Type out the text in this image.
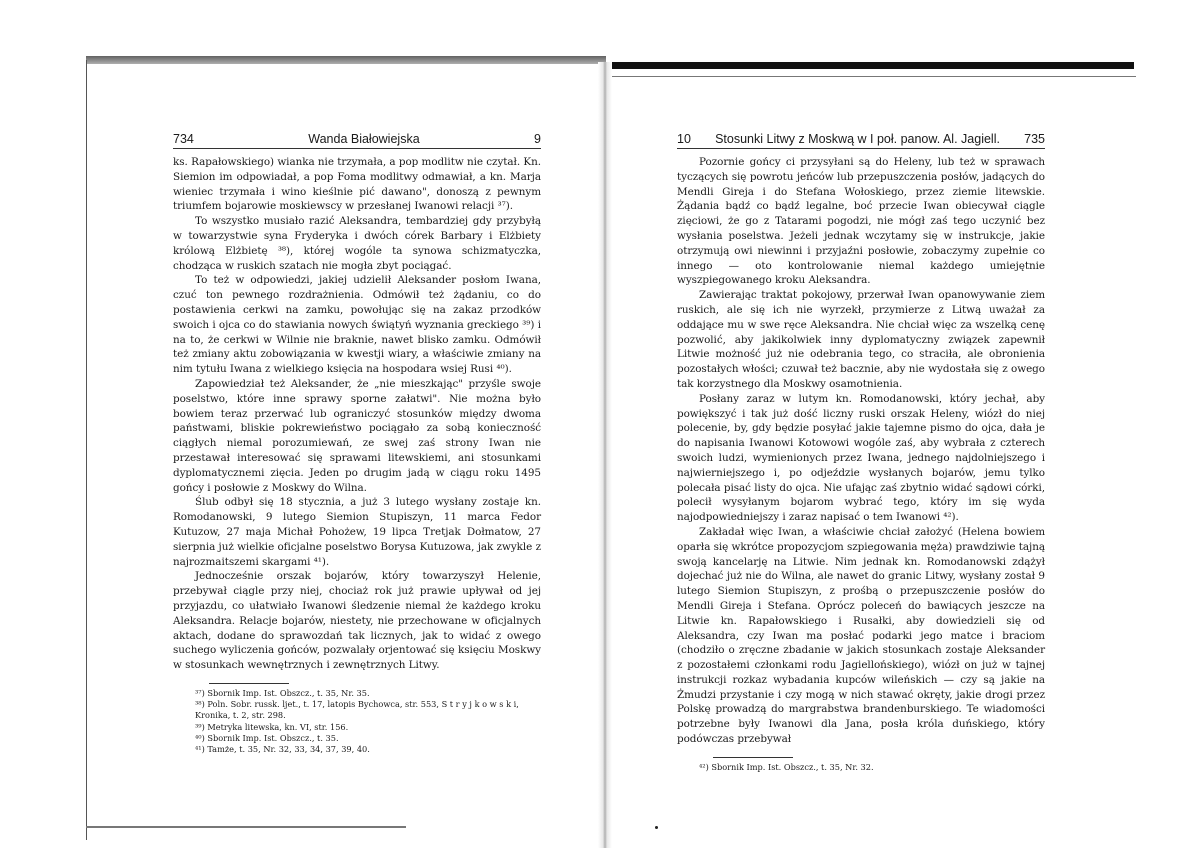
734	Wanda Białowiejska	9

ks. Rapałowskiego) wianka nie trzymała, a pop modlitw nie czytał. Kn. Siemion im odpowiadał, a pop Foma modlitwy odmawiał, a kn. Marja wieniec trzymała i wino kieślnie pić dawano", donoszą z pewnym triumfem bojarowie moskiewscy w przesłanej Iwanowi relacji ³⁷).

To wszystko musiało razić Aleksandra, tembardziej gdy przybyłą w towarzystwie syna Fryderyka i dwóch córek Barbary i Elżbiety królową Elżbietę ³⁸), której wogóle ta synowa schizmatyczka, chodząca w ruskich szatach nie mogła zbyt pociągać.

To też w odpowiedzi, jakiej udzielił Aleksander posłom Iwana, czuć ton pewnego rozdrażnienia. Odmówił też żądaniu, co do postawienia cerkwi na zamku, powołując się na zakaz przodków swoich i ojca co do stawiania nowych świątyń wyznania greckiego ³⁹) i na to, że cerkwi w Wilnie nie braknie, nawet blisko zamku. Odmówił też zmiany aktu zobowiązania w kwestji wiary, a właściwie zmiany na nim tytułu Iwana z wielkiego księcia na hospodara wsiej Rusi ⁴⁰).

Zapowiedział też Aleksander, że „nie mieszkając" przyśle swoje poselstwo, które inne sprawy sporne załatwi". Nie można było bowiem teraz przerwać lub ograniczyć stosunków między dwoma państwami, bliskie pokrewieństwo pociągało za sobą konieczność ciągłych niemal porozumiewań, ze swej zaś strony Iwan nie przestawał interesować się sprawami litewskiemi, ani stosunkami dyplomatycznemi zięcia. Jeden po drugim jadą w ciągu roku 1495 gońcy i posłowie z Moskwy do Wilna.

Ślub odbył się 18 stycznia, a już 3 lutego wysłany zostaje kn. Romodanowski, 9 lutego Siemion Stupiszyn, 11 marca Fedor Kutuzow, 27 maja Michał Pohożew, 19 lipca Tretjak Dołmatow, 27 sierpnia już wielkie oficjalne poselstwo Borysa Kutuzowa, jak zwykle z najrozmaitszemi skargami ⁴¹).

Jednocześnie orszak bojarów, który towarzyszył Helenie, przebywał ciągle przy niej, chociaż rok już prawie upływał od jej przyjazdu, co ułatwiało Iwanowi śledzenie niemal że każdego kroku Aleksandra. Relacje bojarów, niestety, nie przechowane w oficjalnych aktach, dodane do sprawozdań tak licznych, jak to widać z owego suchego wyliczenia gońców, pozwalały orjentować się księciu Moskwy w stosunkach wewnętrznych i zewnętrznych Litwy.

³⁷) Sbornik Imp. Ist. Obszcz., t. 35, Nr. 35.

³⁸) Poln. Sobr. russk. ljet., t. 17, latopis Bychowca, str. 553, S t r y j k o w s k i, Kronika, t. 2, str. 298.

³⁹) Metryka litewska, kn. VI, str. 156.

⁴⁰) Sbornik Imp. Ist. Obszcz., t. 35.

⁴¹) Tamże, t. 35, Nr. 32, 33, 34, 37, 39, 40.

10	Stosunki Litwy z Moskwą w I poł. panow. Al. Jagiell.	735

Pozornie gońcy ci przysyłani są do Heleny, lub też w sprawach tyczących się powrotu jeńców lub przepuszczenia posłów, jadących do Mendli Gireja i do Stefana Wołoskiego, przez ziemie litewskie. Żądania bądź co bądź legalne, boć przecie Iwan obiecywał ciągle zięciowi, że go z Tatarami pogodzi, nie mógł zaś tego uczynić bez wysłania poselstwa. Jeżeli jednak wczytamy się w instrukcje, jakie otrzymują owi niewinni i przyjaźni posłowie, zobaczymy zupełnie co innego — oto kontrolowanie niemal każdego umiejętnie wyszpiegowanego kroku Aleksandra.

Zawierając traktat pokojowy, przerwał Iwan opanowywanie ziem ruskich, ale się ich nie wyrzekł, przymierze z Litwą uważał za oddające mu w swe ręce Aleksandra. Nie chciał więc za wszelką cenę pozwolić, aby jakikolwiek inny dyplomatyczny związek zapewnił Litwie możność już nie odebrania tego, co straciła, ale obronienia pozostałych włości; czuwał też bacznie, aby nie wydostała się z owego tak korzystnego dla Moskwy osamotnienia.

Posłany zaraz w lutym kn. Romodanowski, który jechał, aby powiększyć i tak już dość liczny ruski orszak Heleny, wiózł do niej polecenie, by, gdy będzie posyłać jakie tajemne pismo do ojca, dała je do napisania Iwanowi Kotowowi wogóle zaś, aby wybrała z czterech swoich ludzi, wymienionych przez Iwana, jednego najdolniejszego i najwierniejszego i, po odjeździe wysłanych bojarów, jemu tylko polecała pisać listy do ojca. Nie ufając zaś zbytnio widać sądowi córki, polecił wysyłanym bojarom wybrać tego, który im się wyda najodpowiedniejszy i zaraz napisać o tem Iwanowi ⁴²).

Zakładał więc Iwan, a właściwie chciał założyć (Helena bowiem oparła się wkrótce propozycjom szpiegowania męża) prawdziwie tajną swoją kancelarję na Litwie. Nim jednak kn. Romodanowski zdążył dojechać już nie do Wilna, ale nawet do granic Litwy, wysłany został 9 lutego Siemion Stupiszyn, z prośbą o przepuszczenie posłów do Mendli Gireja i Stefana. Oprócz poleceń do bawiących jeszcze na Litwie kn. Rapałowskiego i Rusałki, aby dowiedzieli się od Aleksandra, czy Iwan ma posłać podarki jego matce i braciom (chodziło o zręczne zbadanie w jakich stosunkach zostaje Aleksander z pozostałemi członkami rodu Jagiellońskiego), wiózł on już w tajnej instrukcji rozkaz wybadania kupców wileńskich — czy są jakie na Żmudzi przystanie i czy mogą w nich stawać okręty, jakie drogi przez Polskę prowadzą do margrabstwa brandenburskiego. Te wiadomości potrzebne były Iwanowi dla Jana, posła króla duńskiego, który podówczas przebywał

⁴²) Sbornik Imp. Ist. Obszcz., t. 35, Nr. 32.
